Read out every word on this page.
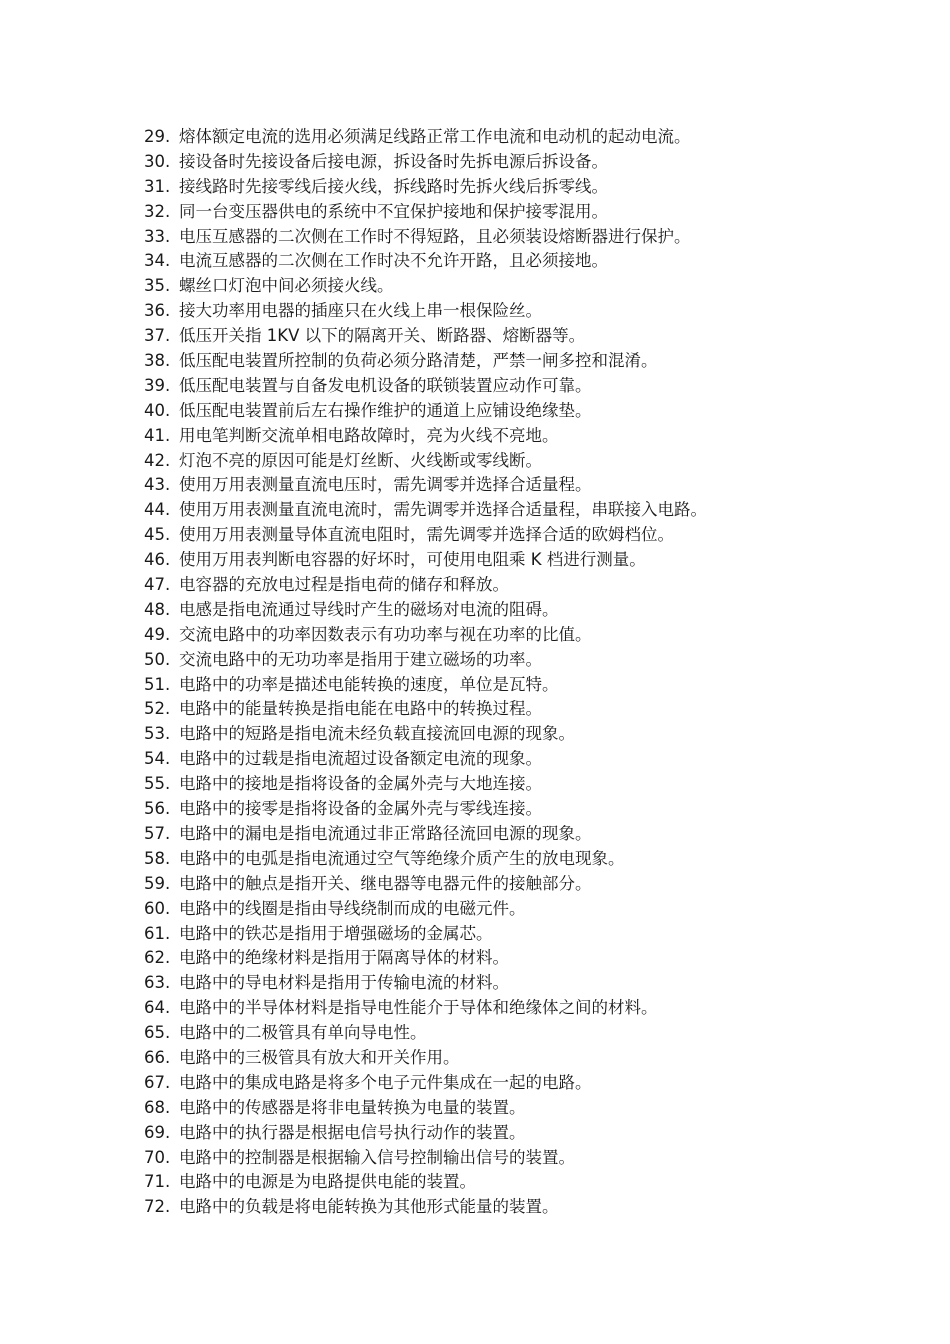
29. 熔体额定电流的选用必须满足线路正常工作电流和电动机的起动电流。
30. 接设备时先接设备后接电源，拆设备时先拆电源后拆设备。
31. 接线路时先接零线后接火线，拆线路时先拆火线后拆零线。
32. 同一台变压器供电的系统中不宜保护接地和保护接零混用。
33. 电压互感器的二次侧在工作时不得短路，且必须装设熔断器进行保护。
34. 电流互感器的二次侧在工作时决不允许开路，且必须接地。
35. 螺丝口灯泡中间必须接火线。
36. 接大功率用电器的插座只在火线上串一根保险丝。
37. 低压开关指 1KV 以下的隔离开关、断路器、熔断器等。
38. 低压配电装置所控制的负荷必须分路清楚，严禁一闸多控和混淆。
39. 低压配电装置与自备发电机设备的联锁装置应动作可靠。
40. 低压配电装置前后左右操作维护的通道上应铺设绝缘垫。
41. 用电笔判断交流单相电路故障时，亮为火线不亮地。
42. 灯泡不亮的原因可能是灯丝断、火线断或零线断。
43. 使用万用表测量直流电压时，需先调零并选择合适量程。
44. 使用万用表测量直流电流时，需先调零并选择合适量程，串联接入电路。
45. 使用万用表测量导体直流电阻时，需先调零并选择合适的欧姆档位。
46. 使用万用表判断电容器的好坏时，可使用电阻乘 K 档进行测量。
47. 电容器的充放电过程是指电荷的储存和释放。
48. 电感是指电流通过导线时产生的磁场对电流的阻碍。
49. 交流电路中的功率因数表示有功功率与视在功率的比值。
50. 交流电路中的无功功率是指用于建立磁场的功率。
51. 电路中的功率是描述电能转换的速度，单位是瓦特。
52. 电路中的能量转换是指电能在电路中的转换过程。
53. 电路中的短路是指电流未经负载直接流回电源的现象。
54. 电路中的过载是指电流超过设备额定电流的现象。
55. 电路中的接地是指将设备的金属外壳与大地连接。
56. 电路中的接零是指将设备的金属外壳与零线连接。
57. 电路中的漏电是指电流通过非正常路径流回电源的现象。
58. 电路中的电弧是指电流通过空气等绝缘介质产生的放电现象。
59. 电路中的触点是指开关、继电器等电器元件的接触部分。
60. 电路中的线圈是指由导线绕制而成的电磁元件。
61. 电路中的铁芯是指用于增强磁场的金属芯。
62. 电路中的绝缘材料是指用于隔离导体的材料。
63. 电路中的导电材料是指用于传输电流的材料。
64. 电路中的半导体材料是指导电性能介于导体和绝缘体之间的材料。
65. 电路中的二极管具有单向导电性。
66. 电路中的三极管具有放大和开关作用。
67. 电路中的集成电路是将多个电子元件集成在一起的电路。
68. 电路中的传感器是将非电量转换为电量的装置。
69. 电路中的执行器是根据电信号执行动作的装置。
70. 电路中的控制器是根据输入信号控制输出信号的装置。
71. 电路中的电源是为电路提供电能的装置。
72. 电路中的负载是将电能转换为其他形式能量的装置。
